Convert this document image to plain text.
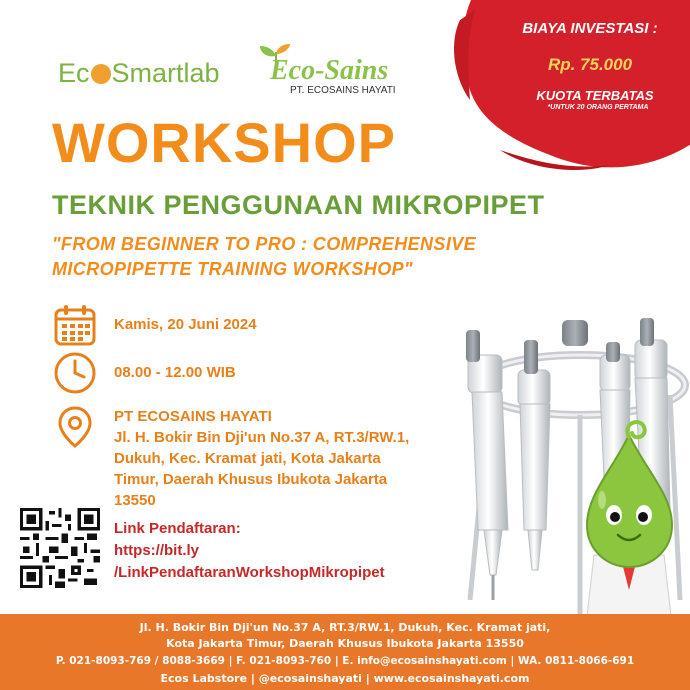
BIAYA INVESTASI :
Rp. 75.000
KUOTA TERBATAS
*UNTUK 20 ORANG PERTAMA
Ec Smartlab Eco-Sains
PT. ECOSAINS HAYATI
WORKSHOP
TEKNIK PENGGUNAAN MIKROPIPET
"FROM BEGINNER TO PRO : COMPREHENSIVE MICROPIPETTE TRAINING WORKSHOP"
Kamis, 20 Juni 2024
08.00 - 12.00 WIB
PT ECOSAINS HAYATI
Jl. H. Bokir Bin Dji'un No.37 A, RT.3/RW.1,
Dukuh, Kec. Kramat jati, Kota Jakarta
Timur, Daerah Khusus Ibukota Jakarta
13550
Link Pendaftaran:
https://bit.ly
/LinkPendaftaranWorkshopMikropipet
Jl. H. Bokir Bin Dji'un No.37 A, RT.3/RW.1, Dukuh, Kec. Kramat jati,
Kota Jakarta Timur, Daerah Khusus Ibukota Jakarta 13550
P. 021-8093-769 / 8088-3669 | F. 021-8093-760 | E. info@ecosainshayati.com | WA. 0811-8066-691
Ecos Labstore | @ecosainshayati | www.ecosainshayati.com
